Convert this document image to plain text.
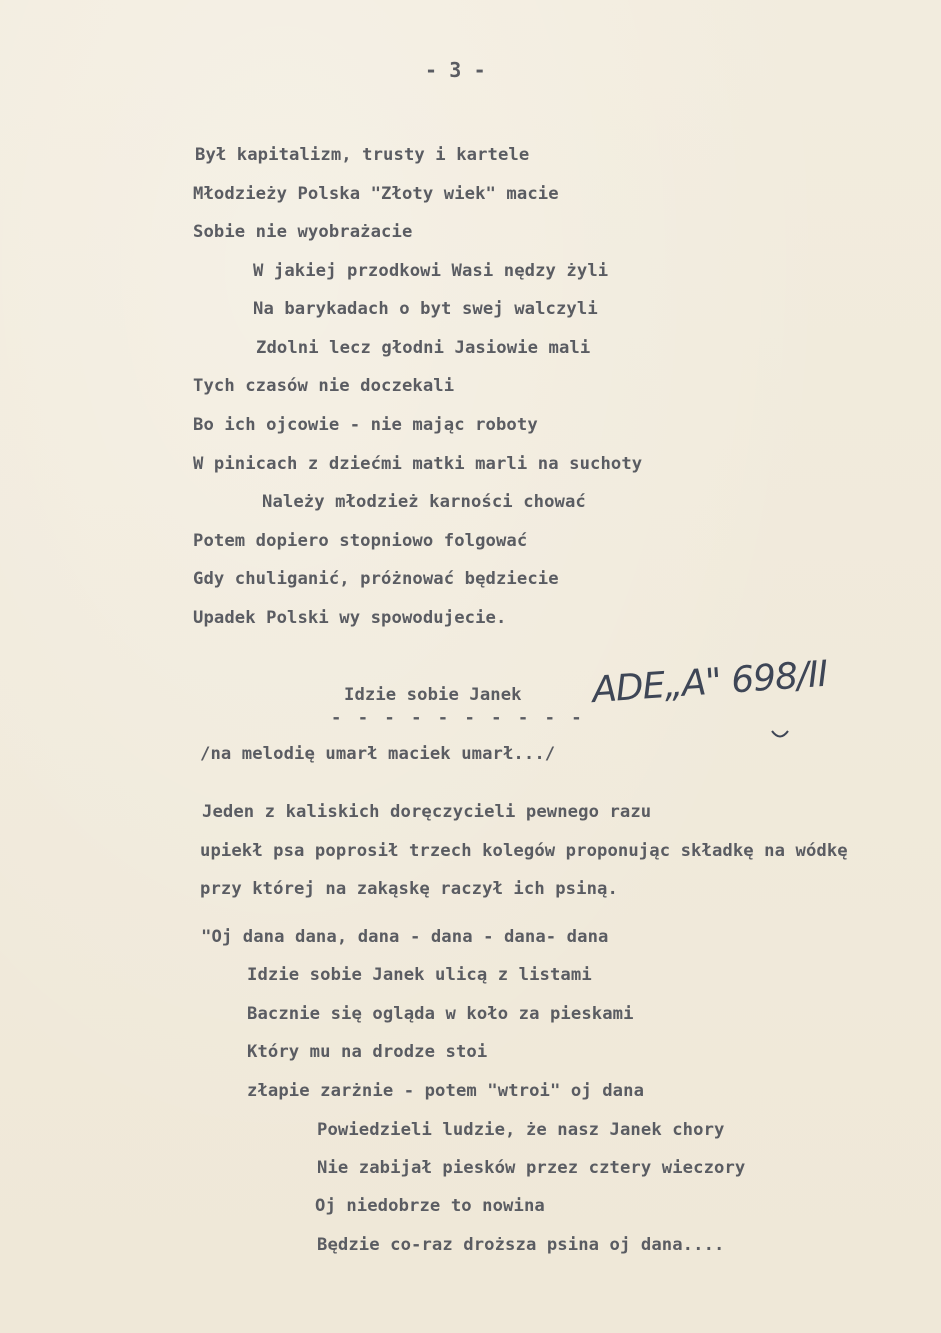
- 3 -
Był kapitalizm, trusty i kartele
Młodzieży Polska "Złoty wiek" macie
Sobie nie wyobrażacie
W jakiej przodkowi Wasi nędzy żyli
Na barykadach o byt swej walczyli
Zdolni lecz głodni Jasiowie mali
Tych czasów nie doczekali
Bo ich ojcowie - nie mając roboty
W pinicach z dziećmi matki marli na suchoty
Należy młodzież karności chować
Potem dopiero stopniowo folgować
Gdy chuliganić, próżnować będziecie
Upadek Polski wy spowodujecie.
Idzie sobie Janek
- - - - - - - - - -
ADE„A" 698/II
/na melodię umarł maciek umarł.../
Jeden z kaliskich doręczycieli pewnego razu
upiekł psa poprosił trzech kolegów proponując składkę na wódkę
przy której na zakąskę raczył ich psiną.
"Oj dana dana, dana - dana - dana- dana
Idzie sobie Janek ulicą z listami
Bacznie się ogląda w koło za pieskami
Który mu na drodze stoi
złapie zarżnie - potem "wtroi" oj dana
Powiedzieli ludzie, że nasz Janek chory
Nie zabijał piesków przez cztery wieczory
Oj niedobrze to nowina
Będzie co-raz droższa psina oj dana....
